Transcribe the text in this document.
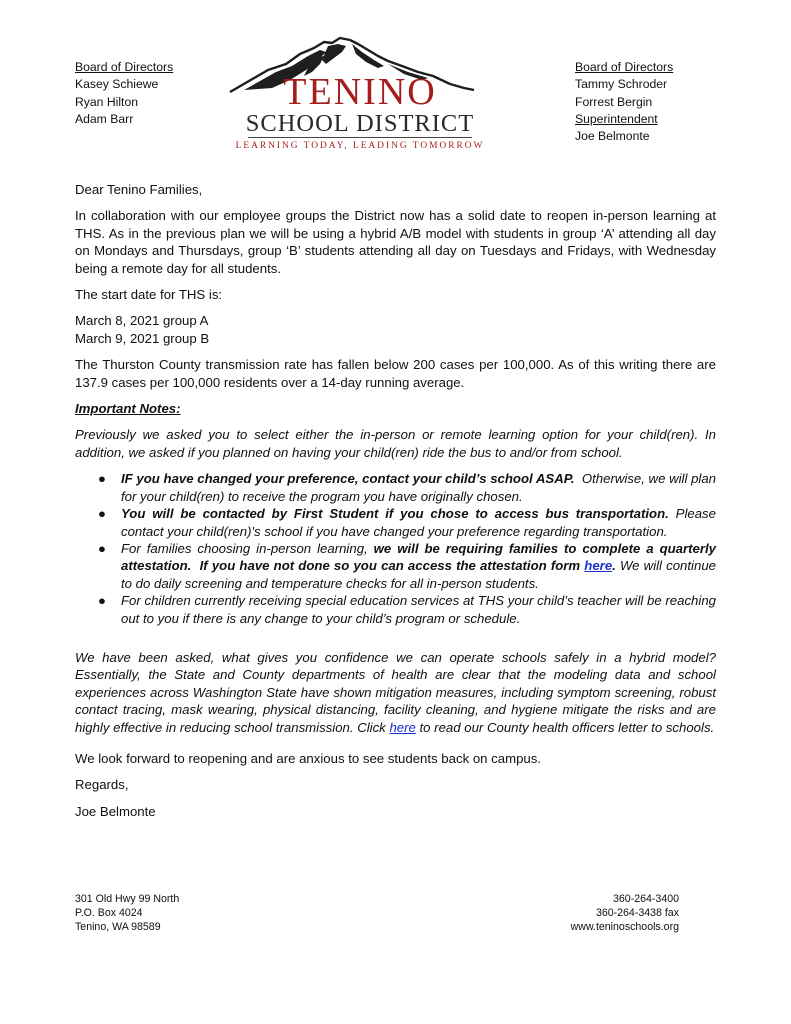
Board of Directors
Kasey Schiewe
Ryan Hilton
Adam Barr
TENINO
SCHOOL DISTRICT
LEARNING TODAY, LEADING TOMORROW
Board of Directors
Tammy Schroder
Forrest Bergin
Superintendent
Joe Belmonte

Dear Tenino Families,

In collaboration with our employee groups the District now has a solid date to reopen in-person learning at THS. As in the previous plan we will be using a hybrid A/B model with students in group ‘A’ attending all day on Mondays and Thursdays, group ‘B’ students attending all day on Tuesdays and Fridays, with Wednesday being a remote day for all students.

The start date for THS is:

March 8, 2021 group A
March 9, 2021 group B

The Thurston County transmission rate has fallen below 200 cases per 100,000. As of this writing there are 137.9 cases per 100,000 residents over a 14-day running average.

Important Notes:

Previously we asked you to select either the in-person or remote learning option for your child(ren). In addition, we asked if you planned on having your child(ren) ride the bus to and/or from school.

● IF you have changed your preference, contact your child’s school ASAP.  Otherwise, we will plan for your child(ren) to receive the program you have originally chosen.
● You will be contacted by First Student if you chose to access bus transportation. Please contact your child(ren)'s school if you have changed your preference regarding transportation.
● For families choosing in-person learning, we will be requiring families to complete a quarterly attestation.  If you have not done so you can access the attestation form here. We will continue to do daily screening and temperature checks for all in-person students.
● For children currently receiving special education services at THS your child’s teacher will be reaching out to you if there is any change to your child’s program or schedule.

We have been asked, what gives you confidence we can operate schools safely in a hybrid model? Essentially, the State and County departments of health are clear that the modeling data and school experiences across Washington State have shown mitigation measures, including symptom screening, robust contact tracing, mask wearing, physical distancing, facility cleaning, and hygiene mitigate the risks and are highly effective in reducing school transmission. Click here to read our County health officers letter to schools.

We look forward to reopening and are anxious to see students back on campus.

Regards,

Joe Belmonte

301 Old Hwy 99 North
P.O. Box 4024
Tenino, WA 98589
360-264-3400
360-264-3438 fax
www.teninoschools.org
